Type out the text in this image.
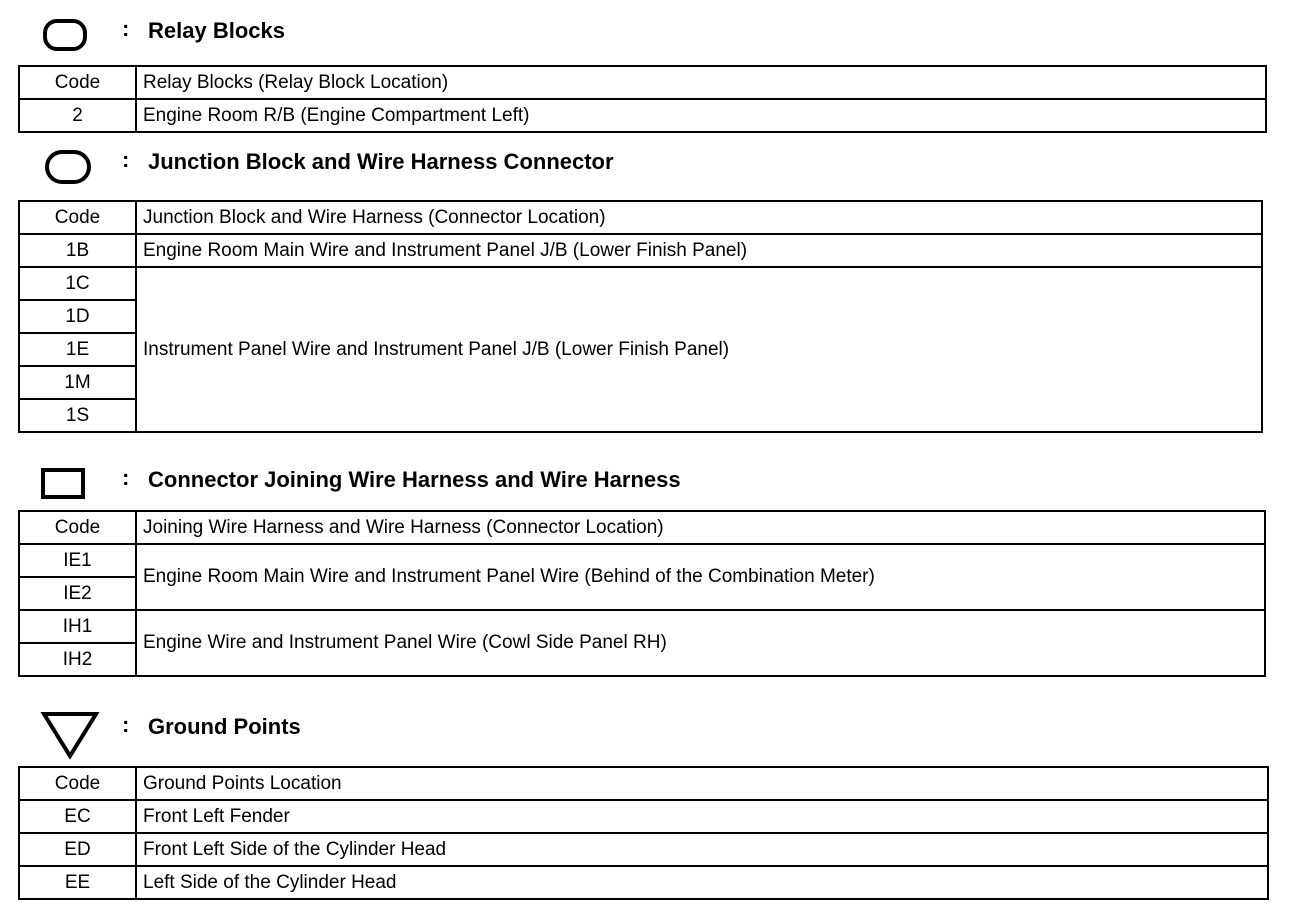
: Relay Blocks
Code	Relay Blocks (Relay Block Location)
2	Engine Room R/B (Engine Compartment Left)
: Junction Block and Wire Harness Connector
Code	Junction Block and Wire Harness (Connector Location)
1B	Engine Room Main Wire and Instrument Panel J/B (Lower Finish Panel)
1C	Instrument Panel Wire and Instrument Panel J/B (Lower Finish Panel)
1D	
1E	
1M	
1S	
: Connector Joining Wire Harness and Wire Harness
Code	Joining Wire Harness and Wire Harness (Connector Location)
IE1	Engine Room Main Wire and Instrument Panel Wire (Behind of the Combination Meter)
IE2	
IH1	Engine Wire and Instrument Panel Wire (Cowl Side Panel RH)
IH2	
: Ground Points
Code	Ground Points Location
EC	Front Left Fender
ED	Front Left Side of the Cylinder Head
EE	Left Side of the Cylinder Head
